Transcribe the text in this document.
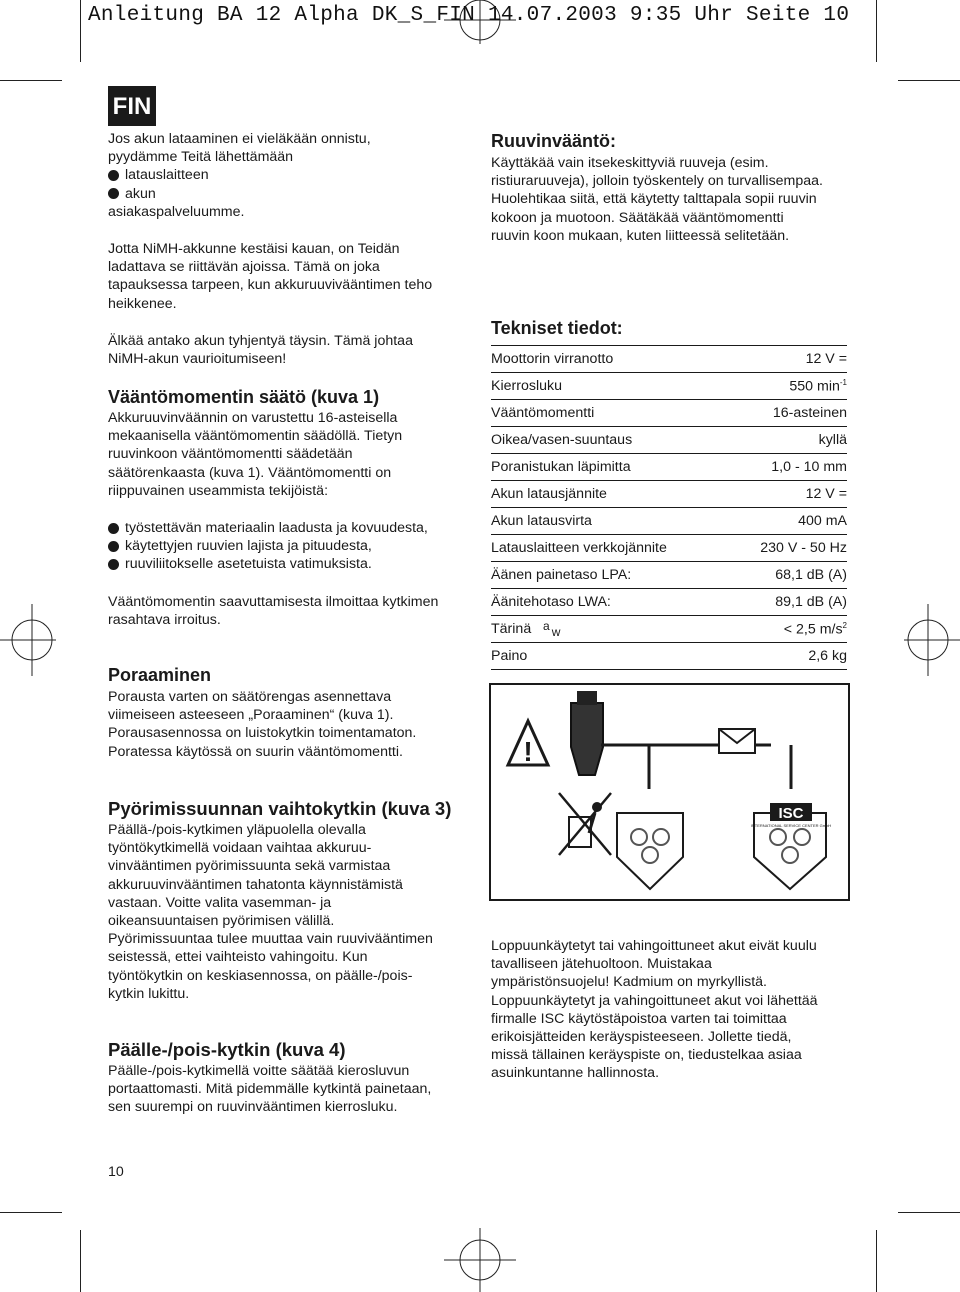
Anleitung BA 12 Alpha DK_S_FIN 14.07.2003 9:35 Uhr Seite 10
FIN
Jos akun lataaminen ei vieläkään onnistu,
pyydämme Teitä lähettämään
latauslaitteen
akun
asiakaspalveluumme.
Jotta NiMH-akkunne kestäisi kauan, on Teidän
ladattava se riittävän ajoissa. Tämä on joka
tapauksessa tarpeen, kun akkuruuvivääntimen teho
heikkenee.
Älkää antako akun tyhjentyä täysin. Tämä johtaa
NiMH-akun vaurioitumiseen!
Vääntömomentin säätö (kuva 1)
Akkuruuvinväännin on varustettu 16-asteisella
mekaanisella vääntömomentin säädöllä. Tietyn
ruuvinkoon vääntömomentti säädetään
säätörenkaasta (kuva 1). Vääntömomentti on
riippuvainen useammista tekijöistä:
työstettävän materiaalin laadusta ja kovuudesta,
käytettyjen ruuvien lajista ja pituudesta,
ruuviliitokselle asetetuista vatimuksista.
Vääntömomentin saavuttamisesta ilmoittaa kytkimen
rasahtava irroitus.
Poraaminen
Porausta varten on säätörengas asennettava
viimeiseen asteeseen „Poraaminen“ (kuva 1).
Porausasennossa on luistokytkin toimentamaton.
Poratessa käytössä on suurin vääntömomentti.
Pyörimissuunnan vaihtokytkin (kuva 3)
Päällä-/pois-kytkimen yläpuolella olevalla
työntökytkimellä voidaan vaihtaa akkuruu-
vinvääntimen pyörimissuunta sekä varmistaa
akkuruuvinvääntimen tahatonta käynnistämistä
vastaan. Voitte valita vasemman- ja
oikeansuuntaisen pyörimisen välillä.
Pyörimissuuntaa tulee muuttaa vain ruuvivääntimen
seistessä, ettei vaihteisto vahingoitu. Kun
työntökytkin on keskiasennossa, on päälle-/pois-
kytkin lukittu.
Päälle-/pois-kytkin (kuva 4)
Päälle-/pois-kytkimellä voitte säätää kierosluvun
portaattomasti. Mitä pidemmälle kytkintä painetaan,
sen suurempi on ruuvinvääntimen kierrosluku.
10
Ruuvinvääntö:
Käyttäkää vain itsekeskittyviä ruuveja (esim.
ristiuraruuveja), jolloin työskentely on turvallisempaa.
Huolehtikaa siitä, että käytetty talttapala sopii ruuvin
kokoon ja muotoon. Säätäkää vääntömomentti
ruuvin koon mukaan, kuten liitteessä selitetään.
Tekniset tiedot:
Moottorin virranotto	12 V =
Kierrosluku	550 $\min^{-1}$
Vääntömomentti	16-asteinen
Oikea/vasen-suuntaus	kyllä
Poranistukan läpimitta	1,0 - 10 mm
Akun latausjännite	12 V =
Akun latausvirta	400 mA
Latauslaitteen verkkojännite	230 V - 50 Hz
Äänen painetaso LPA:	68,1 dB (A)
Äänitehotaso LWA:	89,1 dB (A)
Tärinä $^a$ $_w$	< 2,5 $m/s^2$
Paino	2,6 kg
!
ISC
INTERNATIONAL SERVICE CENTER GmbH
Loppuunkäytetyt tai vahingoittuneet akut eivät kuulu
tavalliseen jätehuoltoon. Muistakaa
ympäristönsuojelu! Kadmium on myrkyllistä.
Loppuunkäytetyt ja vahingoittuneet akut voi lähettää
firmalle ISC käytöstäpoistoa varten tai toimittaa
erikoisjätteiden keräyspisteeseen. Jollette tiedä,
missä tällainen keräyspiste on, tiedustelkaa asiaa
asuinkuntanne hallinnosta.
